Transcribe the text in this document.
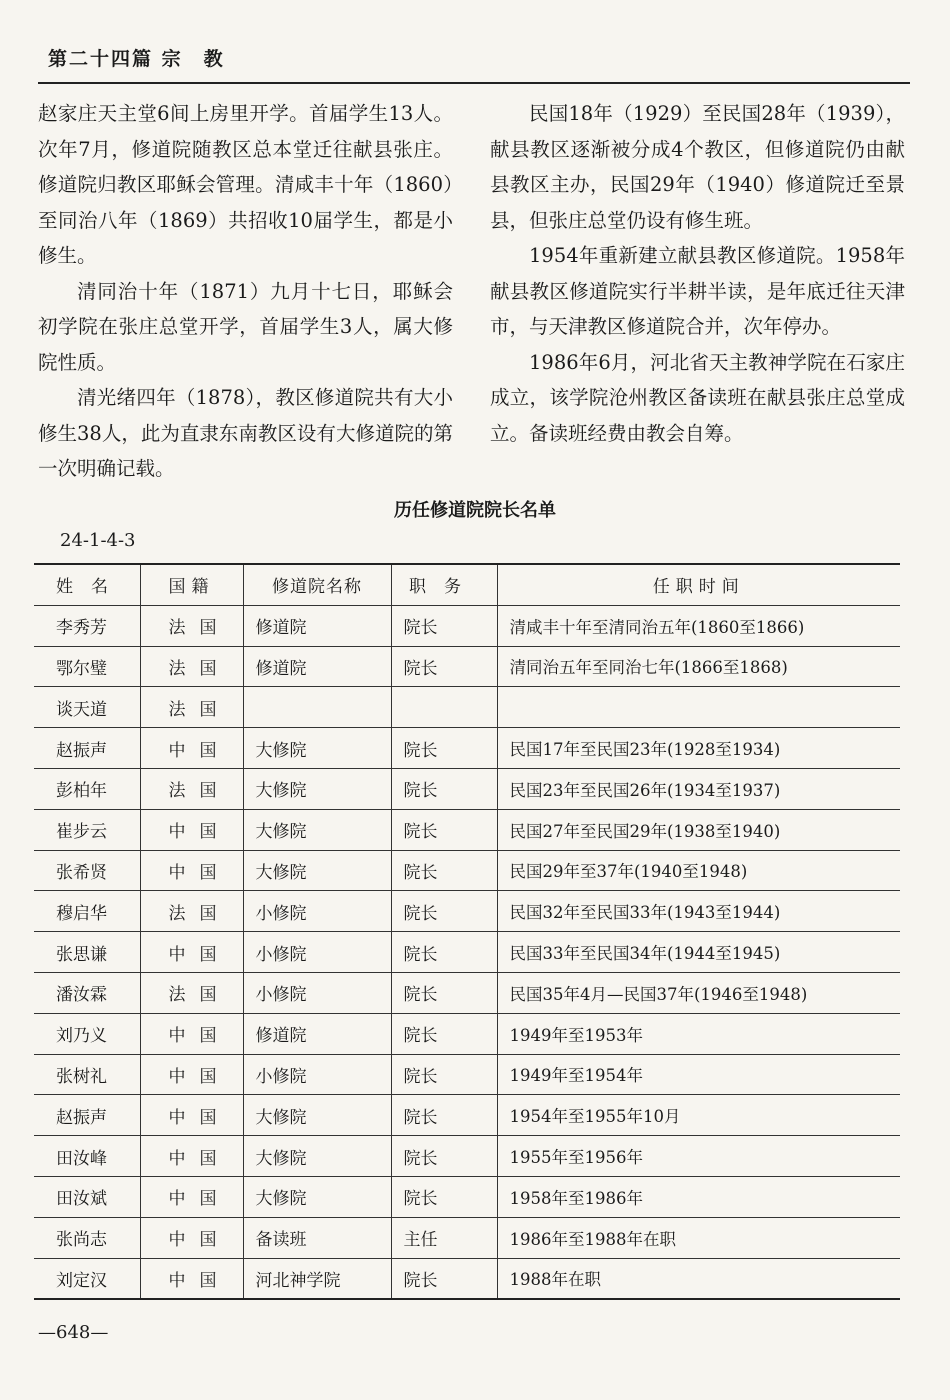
第二十四篇 宗　教

赵家庄天主堂6间上房里开学。首届学生13人。次年7月，修道院随教区总本堂迁往献县张庄。修道院归教区耶稣会管理。清咸丰十年（1860）至同治八年（1869）共招收10届学生，都是小修生。

清同治十年（1871）九月十七日，耶稣会初学院在张庄总堂开学，首届学生3人，属大修院性质。

清光绪四年（1878），教区修道院共有大小修生38人，此为直隶东南教区设有大修道院的第一次明确记载。

民国18年（1929）至民国28年（1939），献县教区逐渐被分成4个教区，但修道院仍由献县教区主办，民国29年（1940）修道院迁至景县，但张庄总堂仍设有修生班。

1954年重新建立献县教区修道院。1958年献县教区修道院实行半耕半读，是年底迁往天津市，与天津教区修道院合并，次年停办。

1986年6月，河北省天主教神学院在石家庄成立，该学院沧州教区备读班在献县张庄总堂成立。备读班经费由教会自筹。

历任修道院院长名单
24-1-4-3
姓名	国籍	修道院名称	职务	任职时间
李秀芳	法国	修道院	院长	清咸丰十年至清同治五年(1860至1866)
鄂尔璧	法国	修道院	院长	清同治五年至同治七年(1866至1868)
谈天道	法国			
赵振声	中国	大修院	院长	民国17年至民国23年(1928至1934)
彭柏年	法国	大修院	院长	民国23年至民国26年(1934至1937)
崔步云	中国	大修院	院长	民国27年至民国29年(1938至1940)
张希贤	中国	大修院	院长	民国29年至37年(1940至1948)
穆启华	法国	小修院	院长	民国32年至民国33年(1943至1944)
张思谦	中国	小修院	院长	民国33年至民国34年(1944至1945)
潘汝霖	法国	小修院	院长	民国35年4月—民国37年(1946至1948)
刘乃义	中国	修道院	院长	1949年至1953年
张树礼	中国	小修院	院长	1949年至1954年
赵振声	中国	大修院	院长	1954年至1955年10月
田汝峰	中国	大修院	院长	1955年至1956年
田汝斌	中国	大修院	院长	1958年至1986年
张尚志	中国	备读班	主任	1986年至1988年在职
刘定汉	中国	河北神学院	院长	1988年在职
—648—
